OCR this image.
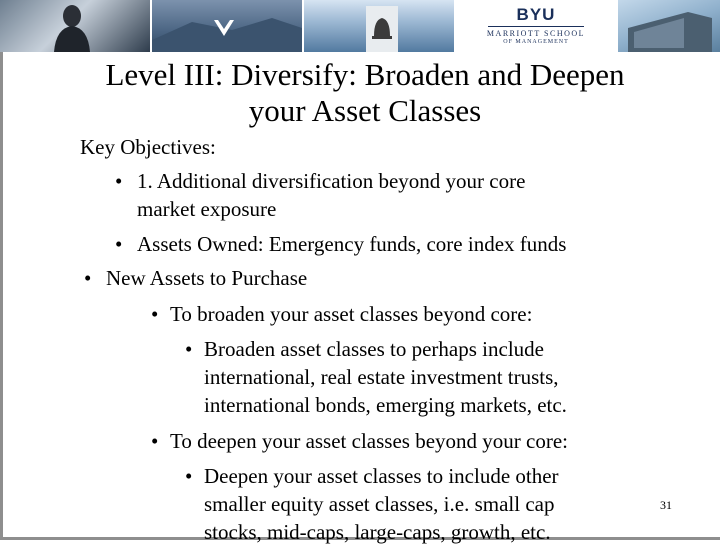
BYU
MARRIOTT SCHOOL
OF MANAGEMENT
Level III: Diversify: Broaden and Deepen
your Asset Classes
Key Objectives:
• 1. Additional diversification beyond your core
market exposure
• Assets Owned: Emergency funds, core index funds
• New Assets to Purchase
• To broaden your asset classes beyond core:
• Broaden asset classes to perhaps include
international, real estate investment trusts,
international bonds, emerging markets, etc.
• To deepen your asset classes beyond your core:
• Deepen your asset classes to include other
smaller equity asset classes, i.e. small cap
stocks, mid-caps, large-caps, growth, etc.
31
